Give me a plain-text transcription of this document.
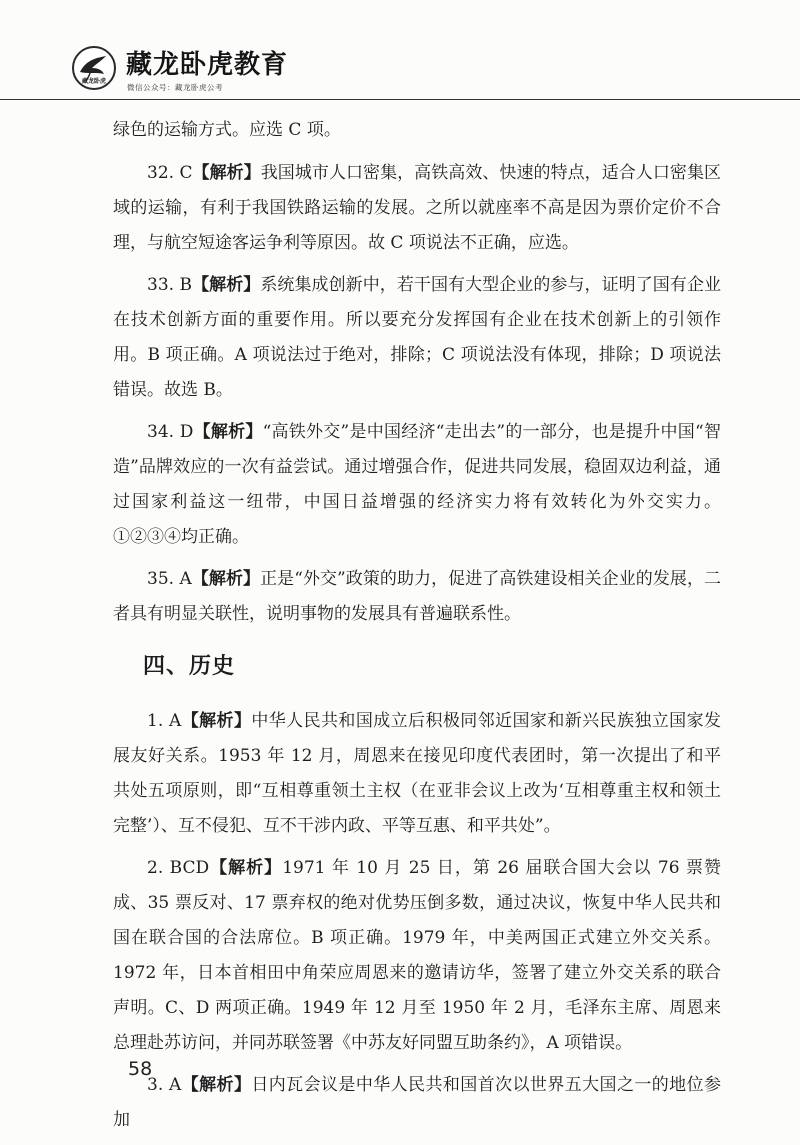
藏龙卧虎
藏龙卧虎教育
微信公众号：藏龙卧虎公考

绿色的运输方式。应选 C 项。

32. C【解析】我国城市人口密集，高铁高效、快速的特点，适合人口密集区域的运输，有利于我国铁路运输的发展。之所以就座率不高是因为票价定价不合理，与航空短途客运争利等原因。故 C 项说法不正确，应选。

33. B【解析】系统集成创新中，若干国有大型企业的参与，证明了国有企业在技术创新方面的重要作用。所以要充分发挥国有企业在技术创新上的引领作用。B 项正确。A 项说法过于绝对，排除；C 项说法没有体现，排除；D 项说法错误。故选 B。

34. D【解析】“高铁外交”是中国经济“走出去”的一部分，也是提升中国“智造”品牌效应的一次有益尝试。通过增强合作，促进共同发展，稳固双边利益，通过国家利益这一纽带，中国日益增强的经济实力将有效转化为外交实力。①②③④均正确。

35. A【解析】正是“外交”政策的助力，促进了高铁建设相关企业的发展，二者具有明显关联性，说明事物的发展具有普遍联系性。

四、历史

1. A【解析】中华人民共和国成立后积极同邻近国家和新兴民族独立国家发展友好关系。1953 年 12 月，周恩来在接见印度代表团时，第一次提出了和平共处五项原则，即“互相尊重领土主权（在亚非会议上改为‘互相尊重主权和领土完整’）、互不侵犯、互不干涉内政、平等互惠、和平共处”。

2. BCD【解析】1971 年 10 月 25 日，第 26 届联合国大会以 76 票赞成、35 票反对、17 票弃权的绝对优势压倒多数，通过决议，恢复中华人民共和国在联合国的合法席位。B 项正确。1979 年，中美两国正式建立外交关系。1972 年，日本首相田中角荣应周恩来的邀请访华，签署了建立外交关系的联合声明。C、D 两项正确。1949 年 12 月至 1950 年 2 月，毛泽东主席、周恩来总理赴苏访问，并同苏联签署《中苏友好同盟互助条约》，A 项错误。

3. A【解析】日内瓦会议是中华人民共和国首次以世界五大国之一的地位参加

58
